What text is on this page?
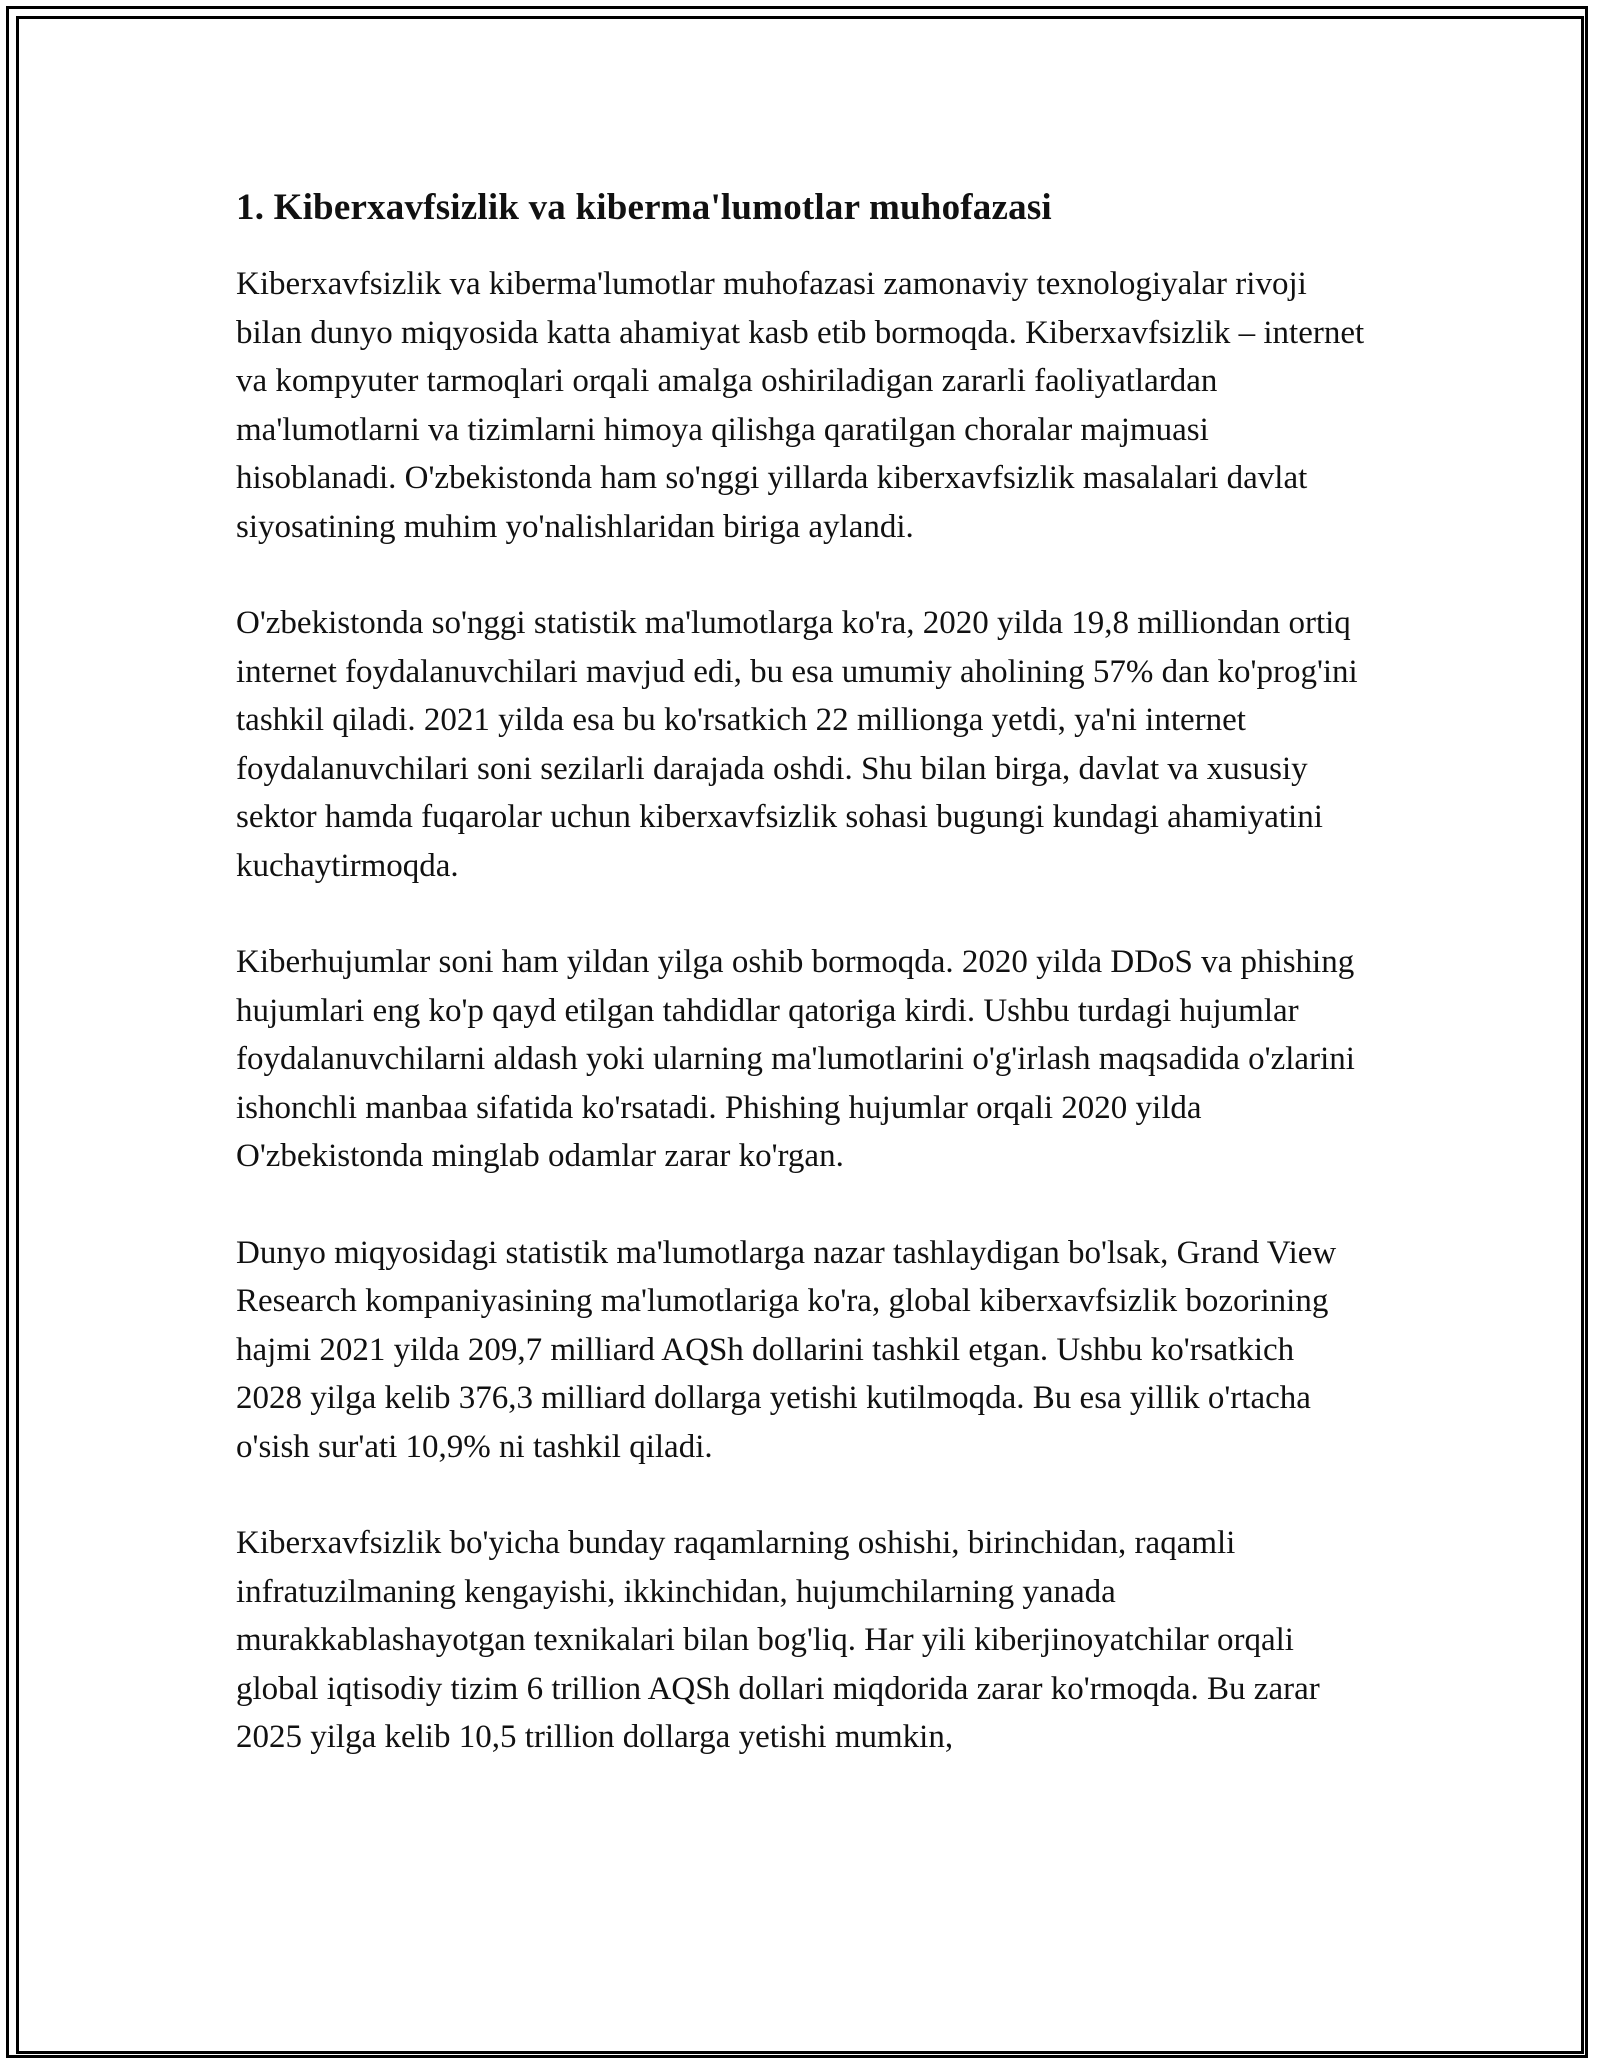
1. Kiberxavfsizlik va kiberma'lumotlar muhofazasi

Kiberxavfsizlik va kiberma'lumotlar muhofazasi zamonaviy texnologiyalar rivoji bilan dunyo miqyosida katta ahamiyat kasb etib bormoqda. Kiberxavfsizlik – internet va kompyuter tarmoqlari orqali amalga oshiriladigan zararli faoliyatlardan ma'lumotlarni va tizimlarni himoya qilishga qaratilgan choralar majmuasi hisoblanadi. O'zbekistonda ham so'nggi yillarda kiberxavfsizlik masalalari davlat siyosatining muhim yo'nalishlaridan biriga aylandi.

O'zbekistonda so'nggi statistik ma'lumotlarga ko'ra, 2020 yilda 19,8 milliondan ortiq internet foydalanuvchilari mavjud edi, bu esa umumiy aholining 57% dan ko'prog'ini tashkil qiladi. 2021 yilda esa bu ko'rsatkich 22 millionga yetdi, ya'ni internet foydalanuvchilari soni sezilarli darajada oshdi. Shu bilan birga, davlat va xususiy sektor hamda fuqarolar uchun kiberxavfsizlik sohasi bugungi kundagi ahamiyatini kuchaytirmoqda.

Kiberhujumlar soni ham yildan yilga oshib bormoqda. 2020 yilda DDoS va phishing hujumlari eng ko'p qayd etilgan tahdidlar qatoriga kirdi. Ushbu turdagi hujumlar foydalanuvchilarni aldash yoki ularning ma'lumotlarini o'g'irlash maqsadida o'zlarini ishonchli manbaa sifatida ko'rsatadi. Phishing hujumlar orqali 2020 yilda O'zbekistonda minglab odamlar zarar ko'rgan.

Dunyo miqyosidagi statistik ma'lumotlarga nazar tashlaydigan bo'lsak, Grand View Research kompaniyasining ma'lumotlariga ko'ra, global kiberxavfsizlik bozorining hajmi 2021 yilda 209,7 milliard AQSh dollarini tashkil etgan. Ushbu ko'rsatkich 2028 yilga kelib 376,3 milliard dollarga yetishi kutilmoqda. Bu esa yillik o'rtacha o'sish sur'ati 10,9% ni tashkil qiladi.

Kiberxavfsizlik bo'yicha bunday raqamlarning oshishi, birinchidan, raqamli infratuzilmaning kengayishi, ikkinchidan, hujumchilarning yanada murakkablashayotgan texnikalari bilan bog'liq. Har yili kiberjinoyatchilar orqali global iqtisodiy tizim 6 trillion AQSh dollari miqdorida zarar ko'rmoqda. Bu zarar 2025 yilga kelib 10,5 trillion dollarga yetishi mumkin,
